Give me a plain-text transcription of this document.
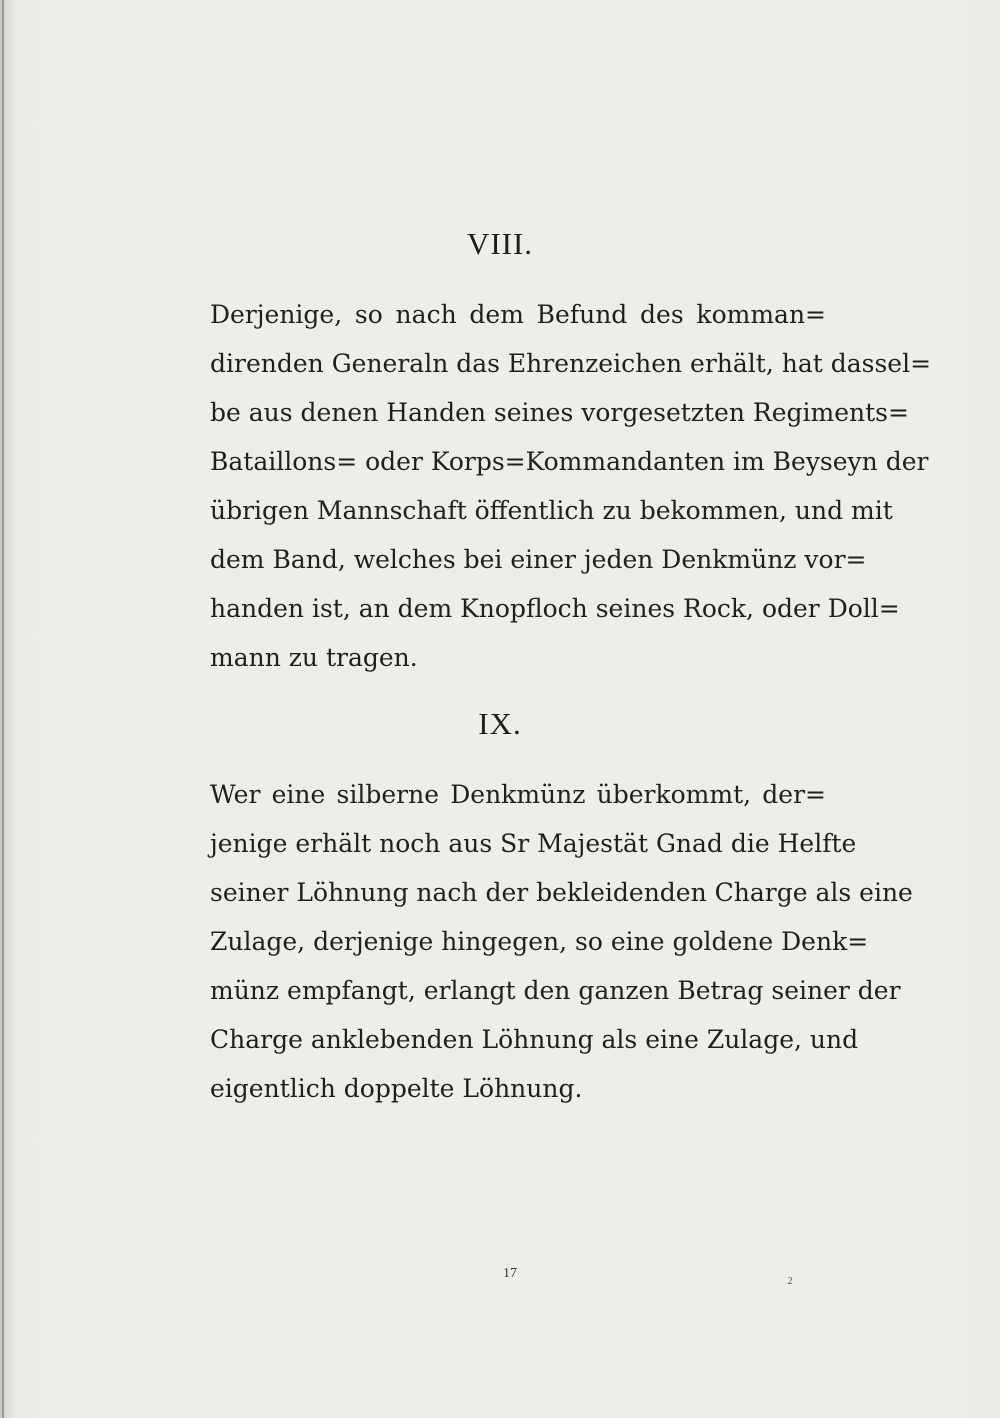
VIII.
Derjenige, so nach dem Befund des komman=
direnden Generaln das Ehrenzeichen erhält, hat dassel=
be aus denen Handen seines vorgesetzten Regiments=
Bataillons= oder Korps=Kommandanten im Beyseyn der
übrigen Mannschaft öffentlich zu bekommen, und mit
dem Band, welches bei einer jeden Denkmünz vor=
handen ist, an dem Knopfloch seines Rock, oder Doll=
mann zu tragen.
IX.
Wer eine silberne Denkmünz überkommt, der=
jenige erhält noch aus Sr Majestät Gnad die Helfte
seiner Löhnung nach der bekleidenden Charge als eine
Zulage, derjenige hingegen, so eine goldene Denk=
münz empfangt, erlangt den ganzen Betrag seiner der
Charge anklebenden Löhnung als eine Zulage, und
eigentlich doppelte Löhnung.
17
2
